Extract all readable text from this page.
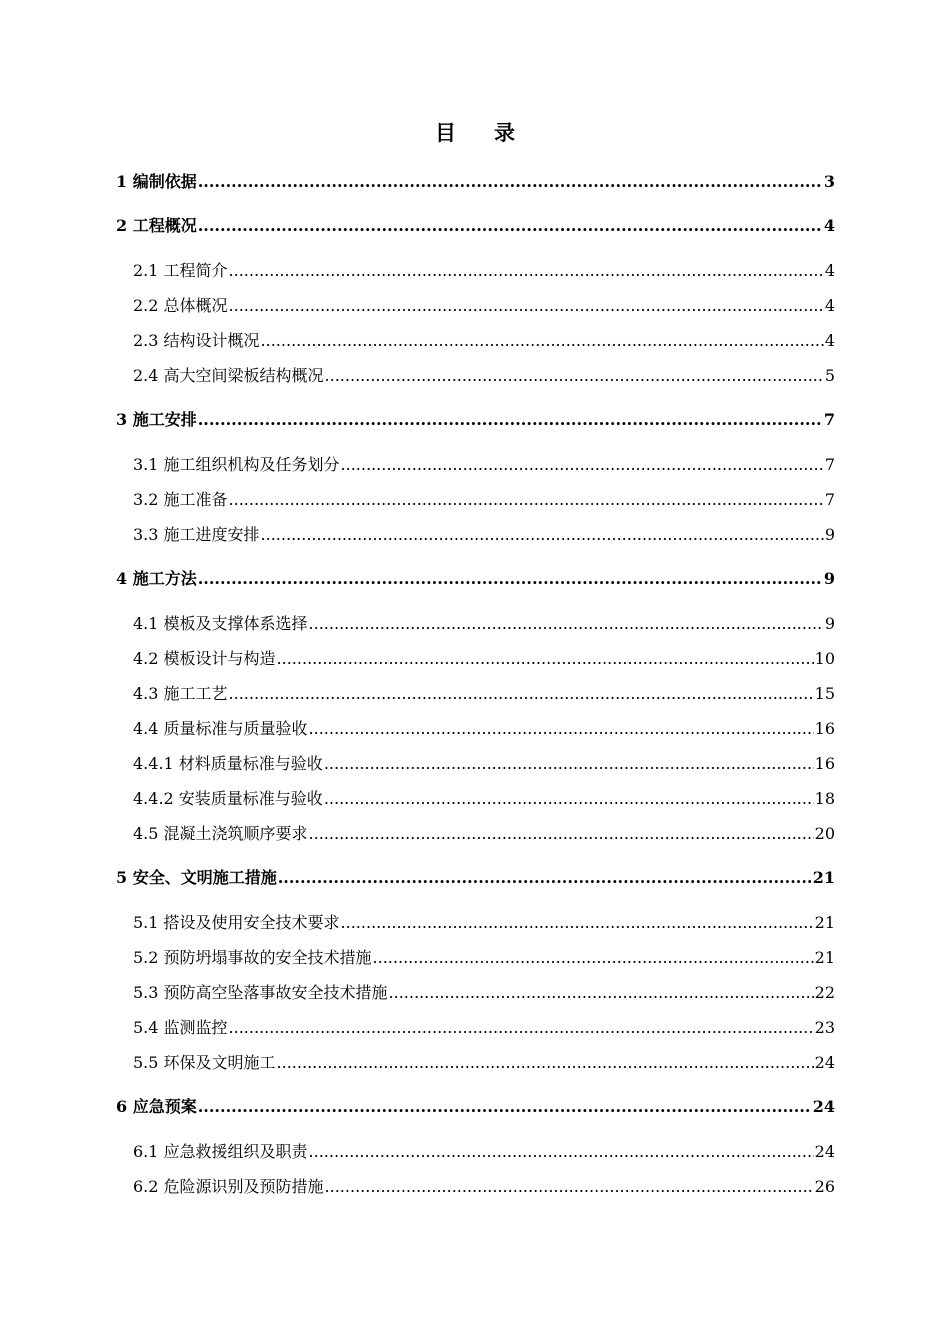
目录
1 编制依据 .....	3
2 工程概况 .....	4
2.1 工程简介 .....	4
2.2 总体概况 .....	4
2.3 结构设计概况 .....	4
2.4 高大空间梁板结构概况 .....	5
3 施工安排 .....	7
3.1 施工组织机构及任务划分 .....	7
3.2 施工准备 .....	7
3.3 施工进度安排 .....	9
4 施工方法 .....	9
4.1 模板及支撑体系选择 .....	9
4.2 模板设计与构造 .....	10
4.3 施工工艺 .....	15
4.4 质量标准与质量验收 .....	16
4.4.1 材料质量标准与验收 .....	16
4.4.2 安装质量标准与验收 .....	18
4.5 混凝土浇筑顺序要求 .....	20
5 安全、文明施工措施 .....	21
5.1 搭设及使用安全技术要求 .....	21
5.2 预防坍塌事故的安全技术措施 .....	21
5.3 预防高空坠落事故安全技术措施 .....	22
5.4 监测监控 .....	23
5.5 环保及文明施工 .....	24
6 应急预案 .....	24
6.1 应急救援组织及职责 .....	24
6.2 危险源识别及预防措施 .....	26
